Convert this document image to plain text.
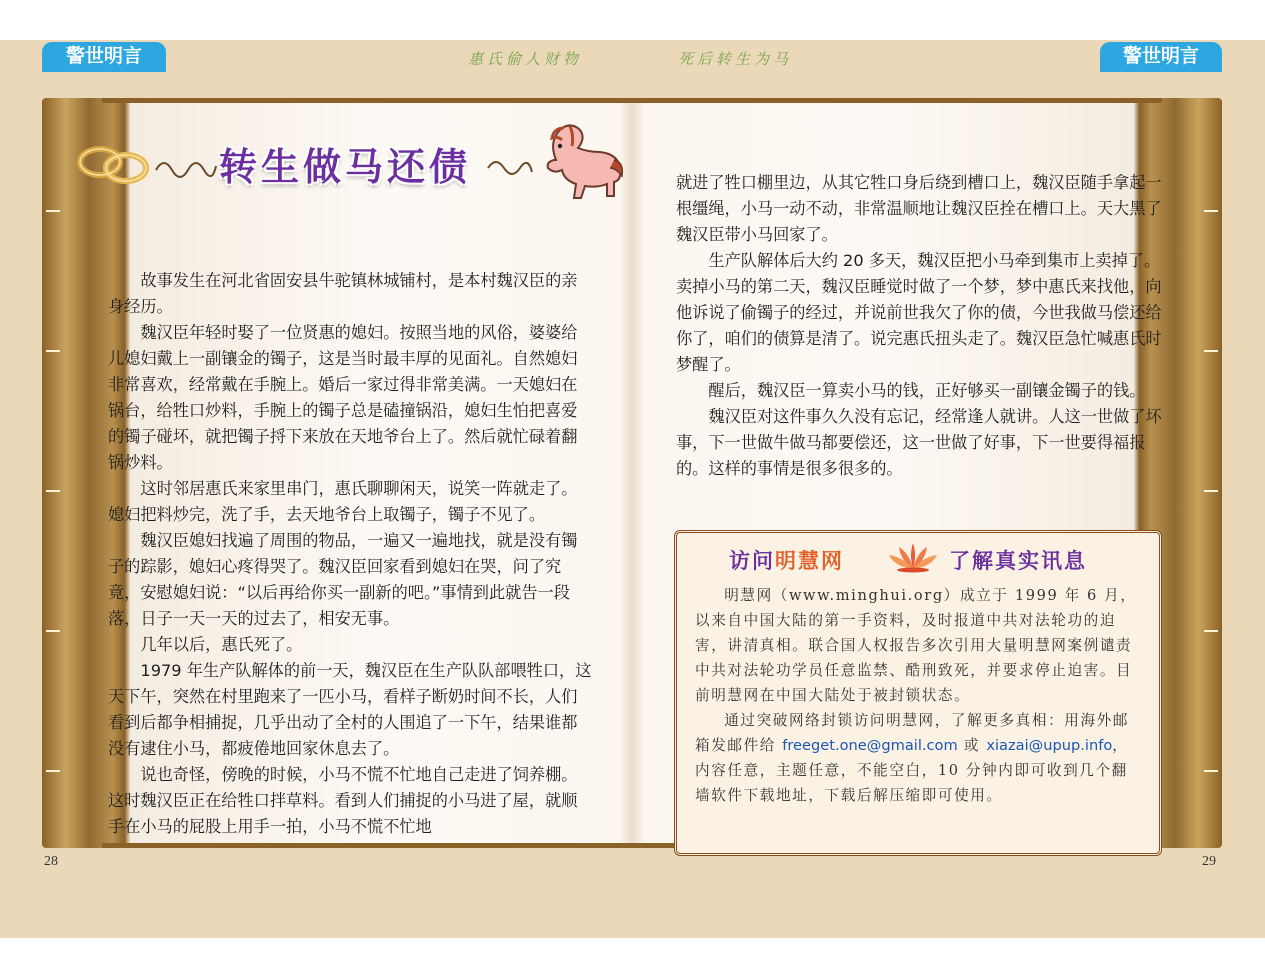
警世明言	警世明言
惠氏偷人财物	死后转生为马
转生做马还债

故事发生在河北省固安县牛驼镇林城铺村，是本村魏汉臣的亲身经历。

魏汉臣年轻时娶了一位贤惠的媳妇。按照当地的风俗，婆婆给儿媳妇戴上一副镶金的镯子，这是当时最丰厚的见面礼。自然媳妇非常喜欢，经常戴在手腕上。婚后一家过得非常美满。一天媳妇在锅台，给牲口炒料，手腕上的镯子总是磕撞锅沿，媳妇生怕把喜爱的镯子碰坏，就把镯子捋下来放在天地爷台上了。然后就忙碌着翻锅炒料。

这时邻居惠氏来家里串门，惠氏聊聊闲天，说笑一阵就走了。媳妇把料炒完，洗了手，去天地爷台上取镯子，镯子不见了。

魏汉臣媳妇找遍了周围的物品，一遍又一遍地找，就是没有镯子的踪影，媳妇心疼得哭了。魏汉臣回家看到媳妇在哭，问了究竟，安慰媳妇说：“以后再给你买一副新的吧。”事情到此就告一段落，日子一天一天的过去了，相安无事。

几年以后，惠氏死了。

1979 年生产队解体的前一天，魏汉臣在生产队队部喂牲口，这天下午，突然在村里跑来了一匹小马，看样子断奶时间不长，人们看到后都争相捕捉，几乎出动了全村的人围追了一下午，结果谁都没有逮住小马，都疲倦地回家休息去了。

说也奇怪，傍晚的时候，小马不慌不忙地自己走进了饲养棚。这时魏汉臣正在给牲口拌草料。看到人们捕捉的小马进了屋，就顺手在小马的屁股上用手一拍，小马不慌不忙地

就进了牲口棚里边，从其它牲口身后绕到槽口上，魏汉臣随手拿起一根缰绳，小马一动不动，非常温顺地让魏汉臣拴在槽口上。天大黑了魏汉臣带小马回家了。

生产队解体后大约 20 多天，魏汉臣把小马牵到集市上卖掉了。卖掉小马的第二天，魏汉臣睡觉时做了一个梦，梦中惠氏来找他，向他诉说了偷镯子的经过，并说前世我欠了你的债，今世我做马偿还给你了，咱们的债算是清了。说完惠氏扭头走了。魏汉臣急忙喊惠氏时梦醒了。

醒后，魏汉臣一算卖小马的钱，正好够买一副镶金镯子的钱。

魏汉臣对这件事久久没有忘记，经常逢人就讲。人这一世做了坏事，下一世做牛做马都要偿还，这一世做了好事，下一世要得福报的。这样的事情是很多很多的。

访问明慧网	了解真实讯息

明慧网（www.minghui.org）成立于 1999 年 6 月，以来自中国大陆的第一手资料，及时报道中共对法轮功的迫害，讲清真相。联合国人权报告多次引用大量明慧网案例谴责中共对法轮功学员任意监禁、酷刑致死，并要求停止迫害。目前明慧网在中国大陆处于被封锁状态。

通过突破网络封锁访问明慧网，了解更多真相：用海外邮箱发邮件给 freeget.one@gmail.com 或 xiazai@upup.info，内容任意，主题任意，不能空白，10 分钟内即可收到几个翻墙软件下载地址，下载后解压缩即可使用。

28	29
